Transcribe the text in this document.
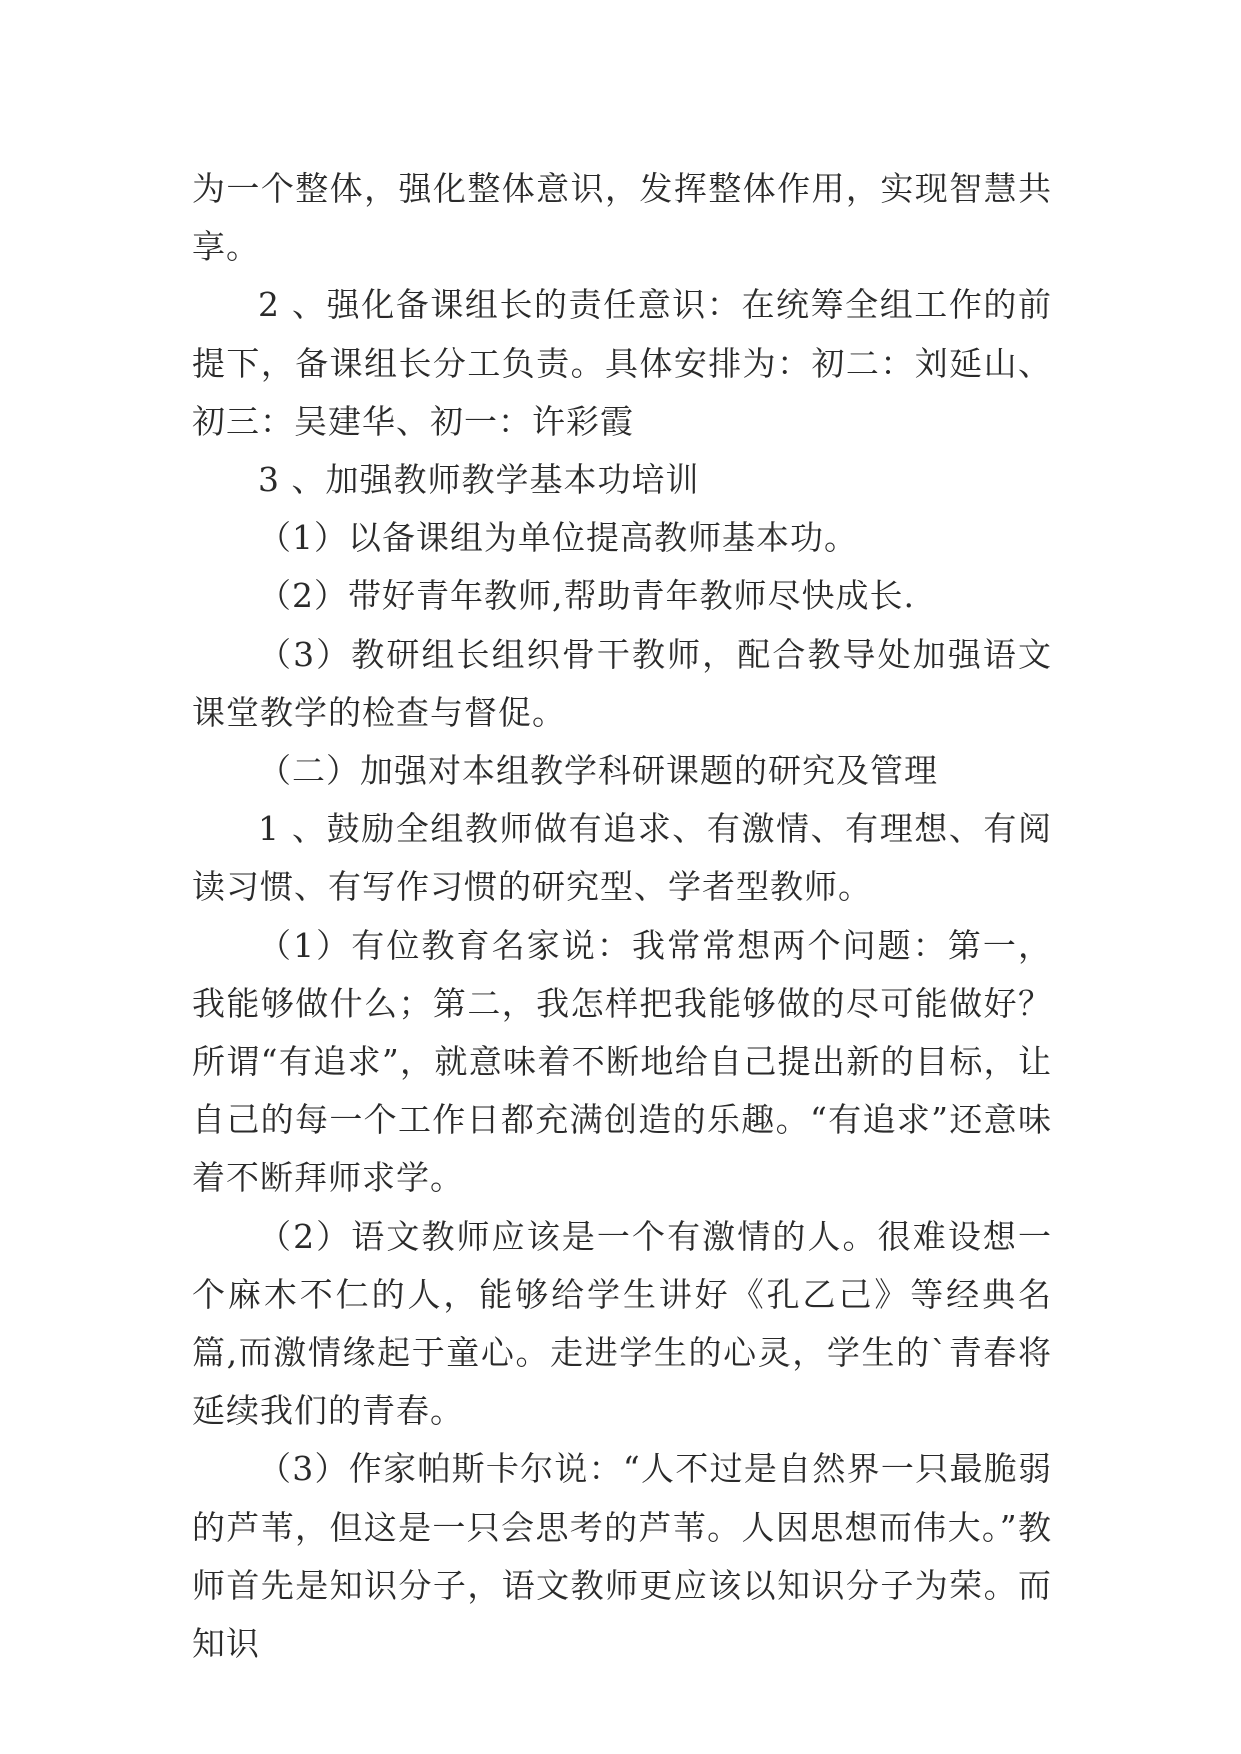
为一个整体，强化整体意识，发挥整体作用，实现智慧共享。

2 、强化备课组长的责任意识：在统筹全组工作的前提下，备课组长分工负责。具体安排为：初二：刘延山、初三：吴建华、初一：许彩霞

3 、加强教师教学基本功培训

（1）以备课组为单位提高教师基本功。

（2）带好青年教师,帮助青年教师尽快成长.

（3）教研组长组织骨干教师，配合教导处加强语文课堂教学的检查与督促。

（二）加强对本组教学科研课题的研究及管理

1 、鼓励全组教师做有追求、有激情、有理想、有阅读习惯、有写作习惯的研究型、学者型教师。

（1）有位教育名家说：我常常想两个问题：第一，我能够做什么；第二，我怎样把我能够做的尽可能做好？所谓“有追求”，就意味着不断地给自己提出新的目标，让自己的每一个工作日都充满创造的乐趣。“有追求”还意味着不断拜师求学。

（2）语文教师应该是一个有激情的人。很难设想一个麻木不仁的人，能够给学生讲好《孔乙己》等经典名篇,而激情缘起于童心。走进学生的心灵，学生的`青春将延续我们的青春。

（3）作家帕斯卡尔说：“人不过是自然界一只最脆弱的芦苇，但这是一只会思考的芦苇。人因思想而伟大。”教师首先是知识分子，语文教师更应该以知识分子为荣。而知识
